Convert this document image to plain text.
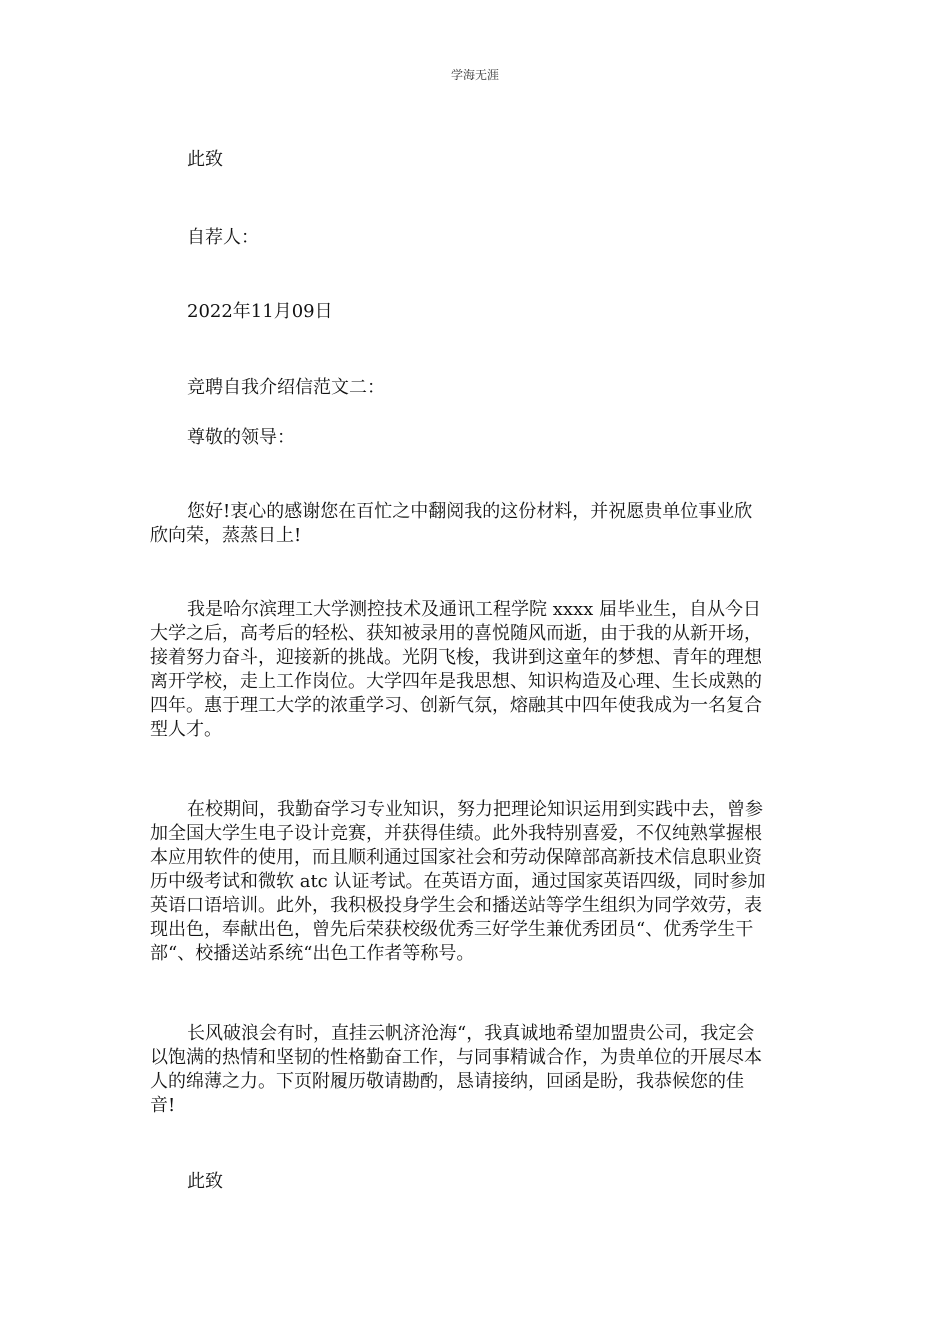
学海无涯
此致
自荐人：
2022年11月09日
竞聘自我介绍信范文二：
尊敬的领导：
您好!衷心的感谢您在百忙之中翻阅我的这份材料，并祝愿贵单位事业欣
欣向荣，蒸蒸日上!
我是哈尔滨理工大学测控技术及通讯工程学院 xxxx 届毕业生，自从今日
大学之后，高考后的轻松、获知被录用的喜悦随风而逝，由于我的从新开场，
接着努力奋斗，迎接新的挑战。光阴飞梭，我讲到这童年的梦想、青年的理想
离开学校，走上工作岗位。大学四年是我思想、知识构造及心理、生长成熟的
四年。惠于理工大学的浓重学习、创新气氛，熔融其中四年使我成为一名复合
型人才。
在校期间，我勤奋学习专业知识，努力把理论知识运用到实践中去，曾参
加全国大学生电子设计竞赛，并获得佳绩。此外我特别喜爱，不仅纯熟掌握根
本应用软件的使用，而且顺利通过国家社会和劳动保障部高新技术信息职业资
历中级考试和微软 atc 认证考试。在英语方面，通过国家英语四级，同时参加
英语口语培训。此外，我积极投身学生会和播送站等学生组织为同学效劳，表
现出色，奉献出色，曾先后荣获校级优秀三好学生兼优秀团员“、优秀学生干
部“、校播送站系统“出色工作者等称号。
长风破浪会有时，直挂云帆济沧海“，我真诚地希望加盟贵公司，我定会
以饱满的热情和坚韧的性格勤奋工作，与同事精诚合作，为贵单位的开展尽本
人的绵薄之力。下页附履历敬请勘酌，恳请接纳，回函是盼，我恭候您的佳
音!
此致
